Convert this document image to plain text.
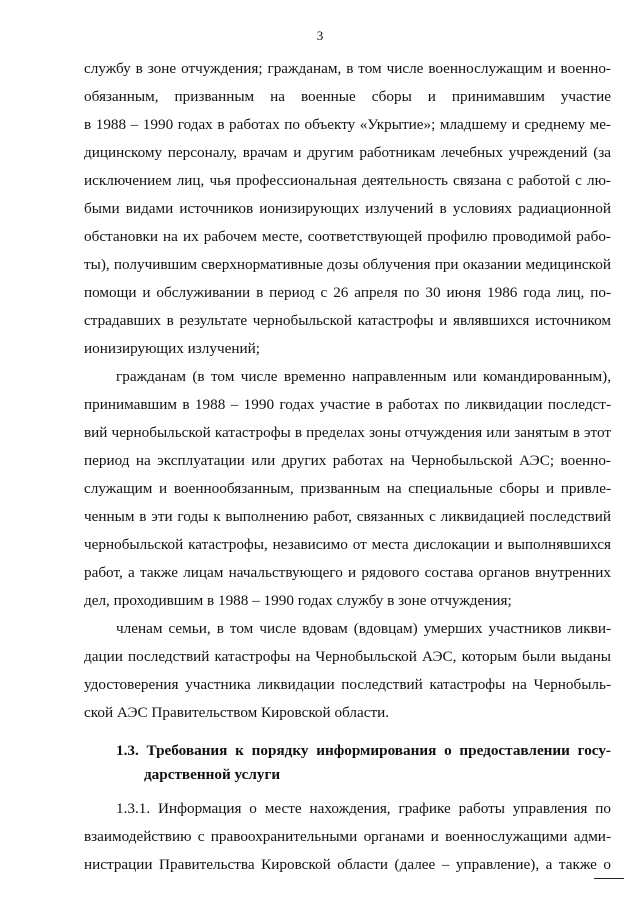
3
службу в зоне отчуждения; гражданам, в том числе военнослужащим и военно-
обязанным, призванным на военные сборы и принимавшим участие
в 1988 – 1990 годах в работах по объекту «Укрытие»; младшему и среднему ме-
дицинскому персоналу, врачам и другим работникам лечебных учреждений (за
исключением лиц, чья профессиональная деятельность связана с работой с лю-
быми видами источников ионизирующих излучений в условиях радиационной
обстановки на их рабочем месте, соответствующей профилю проводимой рабо-
ты), получившим сверхнормативные дозы облучения при оказании медицинской
помощи и обслуживании в период с 26 апреля по 30 июня 1986 года лиц, по-
страдавших в результате чернобыльской катастрофы и являвшихся источником
ионизирующих излучений;
гражданам (в том числе временно направленным или командированным),
принимавшим в 1988 – 1990 годах участие в работах по ликвидации последст-
вий чернобыльской катастрофы в пределах зоны отчуждения или занятым в этот
период на эксплуатации или других работах на Чернобыльской АЭС; военно-
служащим и военнообязанным, призванным на специальные сборы и привле-
ченным в эти годы к выполнению работ, связанных с ликвидацией последствий
чернобыльской катастрофы, независимо от места дислокации и выполнявшихся
работ, а также лицам начальствующего и рядового состава органов внутренних
дел, проходившим в 1988 – 1990 годах службу в зоне отчуждения;
членам семьи, в том числе вдовам (вдовцам) умерших участников ликви-
дации последствий катастрофы на Чернобыльской АЭС, которым были выданы
удостоверения участника ликвидации последствий катастрофы на Чернобыль-
ской АЭС Правительством Кировской области.
1.3. Требования к порядку информирования о предоставлении госу-
дарственной услуги
1.3.1. Информация о месте нахождения, графике работы управления по
взаимодействию с правоохранительными органами и военнослужащими адми-
нистрации Правительства Кировской области (далее – управление), а также о
